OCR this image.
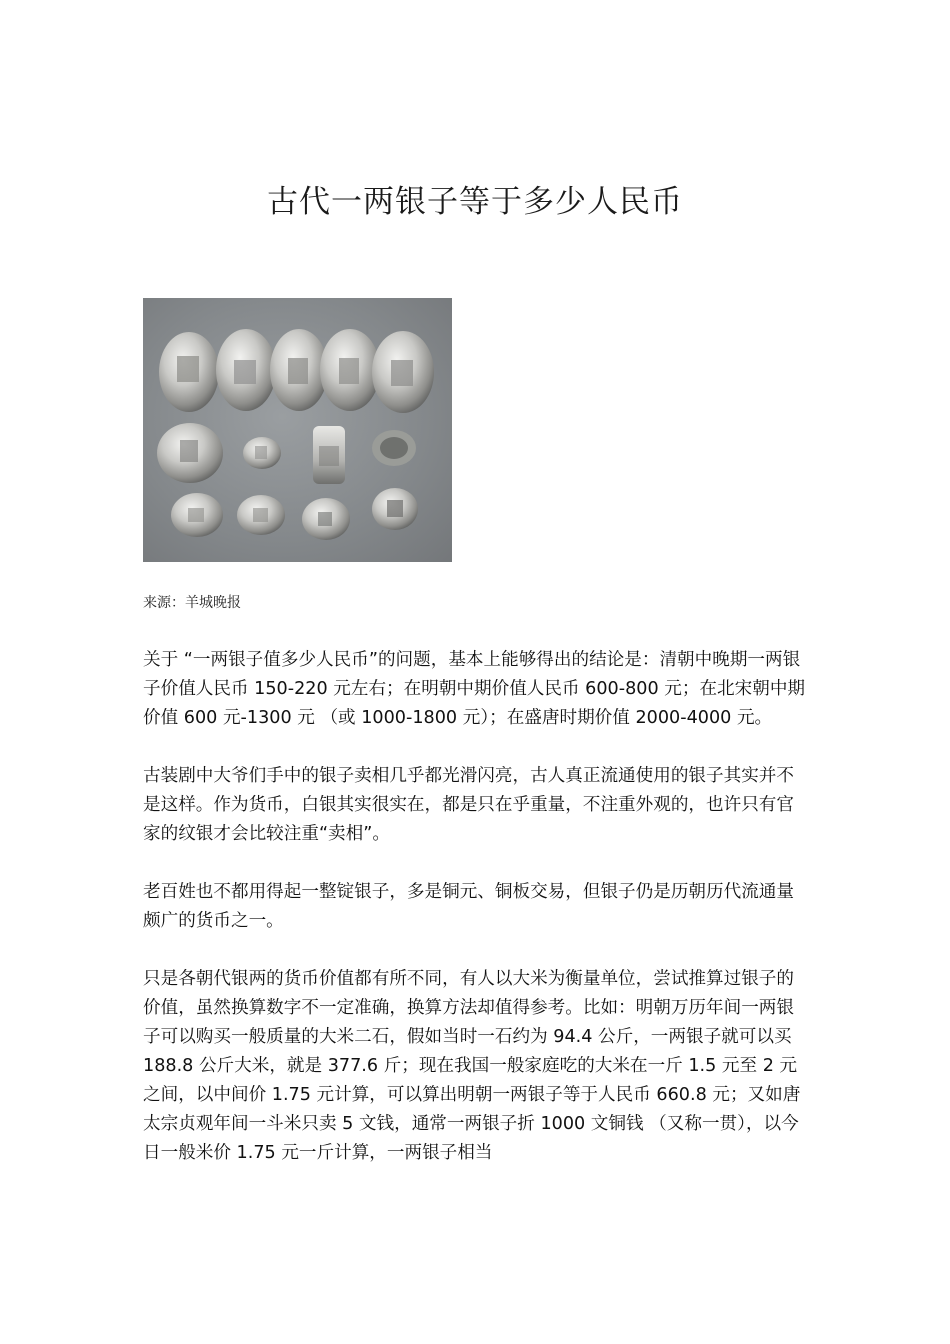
古代一两银子等于多少人民币
来源：羊城晚报

关于 “一两银子值多少人民币”的问题，基本上能够得出的结论是：清朝中晚期一两银子价值人民币 150-220 元左右；在明朝中期价值人民币 600-800 元；在北宋朝中期价值 600 元-1300 元 （或 1000-1800 元）；在盛唐时期价值 2000-4000 元。

古装剧中大爷们手中的银子卖相几乎都光滑闪亮，古人真正流通使用的银子其实并不是这样。作为货币，白银其实很实在，都是只在乎重量，不注重外观的，也许只有官家的纹银才会比较注重“卖相”。

老百姓也不都用得起一整锭银子，多是铜元、铜板交易，但银子仍是历朝历代流通量颇广的货币之一。

只是各朝代银两的货币价值都有所不同，有人以大米为衡量单位，尝试推算过银子的价值，虽然换算数字不一定准确，换算方法却值得参考。比如：明朝万历年间一两银子可以购买一般质量的大米二石，假如当时一石约为 94.4 公斤，一两银子就可以买 188.8 公斤大米，就是 377.6 斤；现在我国一般家庭吃的大米在一斤 1.5 元至 2 元之间，以中间价 1.75 元计算，可以算出明朝一两银子等于人民币 660.8 元；又如唐太宗贞观年间一斗米只卖 5 文钱，通常一两银子折 1000 文铜钱 （又称一贯），以今日一般米价 1.75 元一斤计算，一两银子相当
